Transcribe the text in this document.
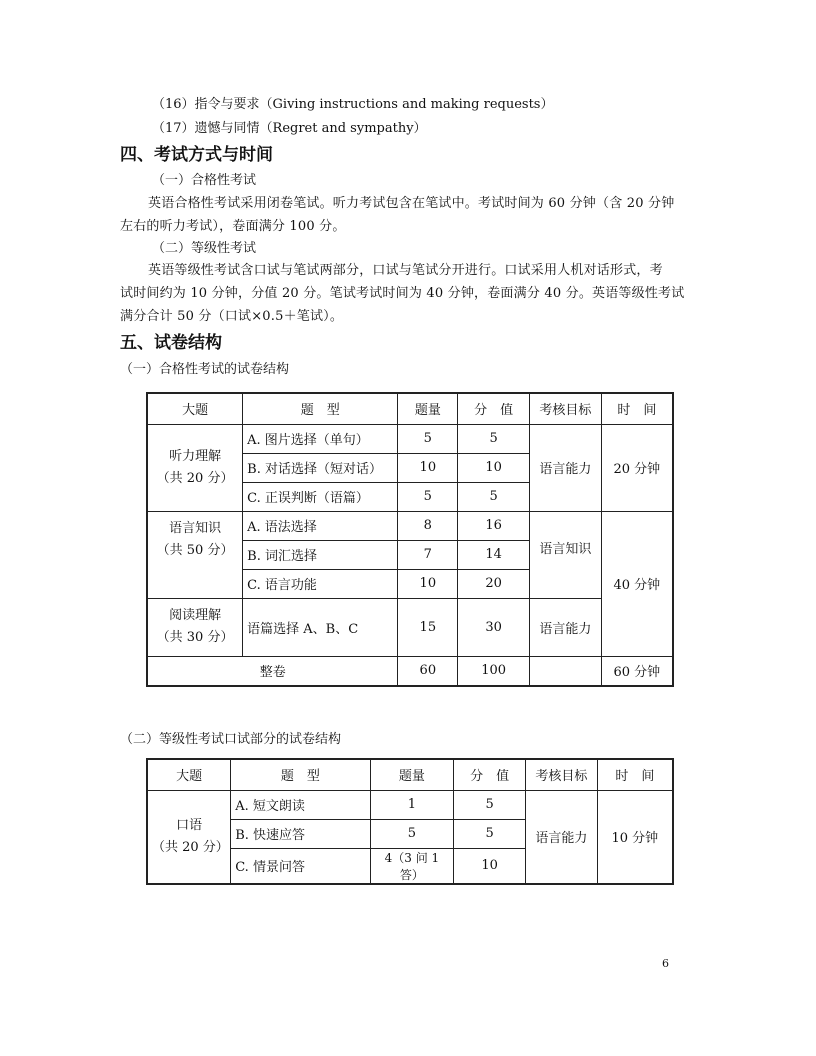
（16）指令与要求（Giving instructions and making requests）
（17）遗憾与同情（Regret and sympathy）
四、考试方式与时间
（一）合格性考试
英语合格性考试采用闭卷笔试。听力考试包含在笔试中。考试时间为 60 分钟（含 20 分钟
左右的听力考试），卷面满分 100 分。
（二）等级性考试
英语等级性考试含口试与笔试两部分，口试与笔试分开进行。口试采用人机对话形式，考
试时间约为 10 分钟，分值 20 分。笔试考试时间为 40 分钟，卷面满分 40 分。英语等级性考试
满分合计 50 分（口试×0.5＋笔试）。
五、试卷结构
（一）合格性考试的试卷结构
大题	题　型	题量	分　值	考核目标	时　间

听力理解
（共 20 分）	A. 图片选择（单句）	5	5	语言能力	20 分钟
	B. 对话选择（短对话）	10	10		
	C. 正误判断（语篇）	5	5		

语言知识
（共 50 分）	A. 语法选择	8	16	语言知识	40 分钟
	B. 词汇选择	7	14		
	C. 语言功能	10	20		

阅读理解
（共 30 分）	语篇选择 A、B、C	15	30	语言能力	
整卷		60	100		60 分钟
（二）等级性考试口试部分的试卷结构
大题	题　型	题量	分　值	考核目标	时　间

口语
（共 20 分）	A. 短文朗读	1	5	语言能力	10 分钟
	B. 快速应答	5	5		
	C. 情景问答	4（3 问 1 答）	10		
6
